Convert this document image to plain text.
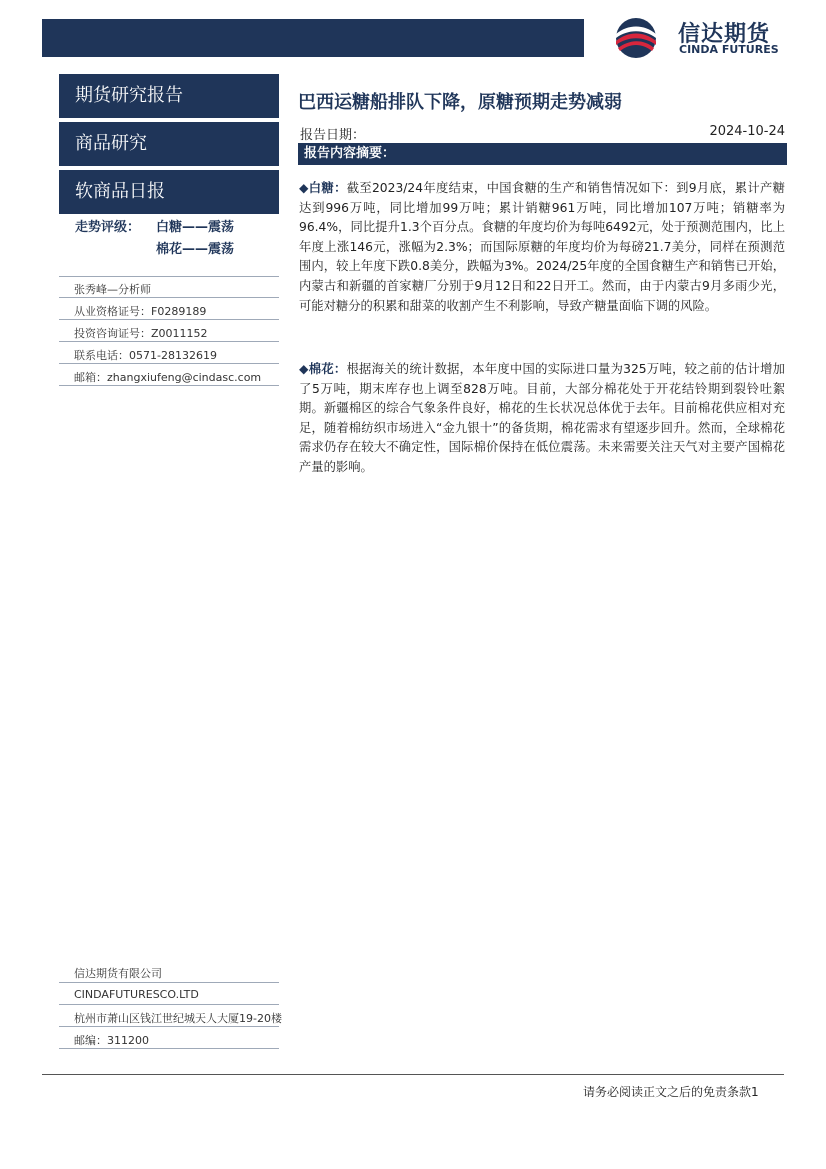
信达期货
CINDA FUTURES
期货研究报告
商品研究
软商品日报
走势评级： 白糖——震荡
棉花——震荡
张秀峰—分析师
从业资格证号：F0289189
投资咨询证号：Z0011152
联系电话：0571-28132619
邮箱：zhangxiufeng@cindasc.com
信达期货有限公司
CINDAFUTURESCO.LTD
杭州市萧山区钱江世纪城天人大厦19-20楼
邮编：311200
巴西运糖船排队下降，原糖预期走势减弱
报告日期：	2024-10-24
报告内容摘要：

◆白糖：截至2023/24年度结束，中国食糖的生产和销售情况如下：到9月底，累计产糖达到996万吨，同比增加99万吨；累计销糖961万吨，同比增加107万吨；销糖率为96.4%，同比提升1.3个百分点。食糖的年度均价为每吨6492元，处于预测范围内，比上年度上涨146元，涨幅为2.3%；而国际原糖的年度均价为每磅21.7美分，同样在预测范围内，较上年度下跌0.8美分，跌幅为3%。2024/25年度的全国食糖生产和销售已开始，内蒙古和新疆的首家糖厂分别于9月12日和22日开工。然而，由于内蒙古9月多雨少光，可能对糖分的积累和甜菜的收割产生不利影响，导致产糖量面临下调的风险。

◆棉花：根据海关的统计数据，本年度中国的实际进口量为325万吨，较之前的估计增加了5万吨，期末库存也上调至828万吨。目前，大部分棉花处于开花结铃期到裂铃吐絮期。新疆棉区的综合气象条件良好，棉花的生长状况总体优于去年。目前棉花供应相对充足，随着棉纺织市场进入“金九银十”的备货期，棉花需求有望逐步回升。然而，全球棉花需求仍存在较大不确定性，国际棉价保持在低位震荡。未来需要关注天气对主要产国棉花产量的影响。

请务必阅读正文之后的免责条款1
